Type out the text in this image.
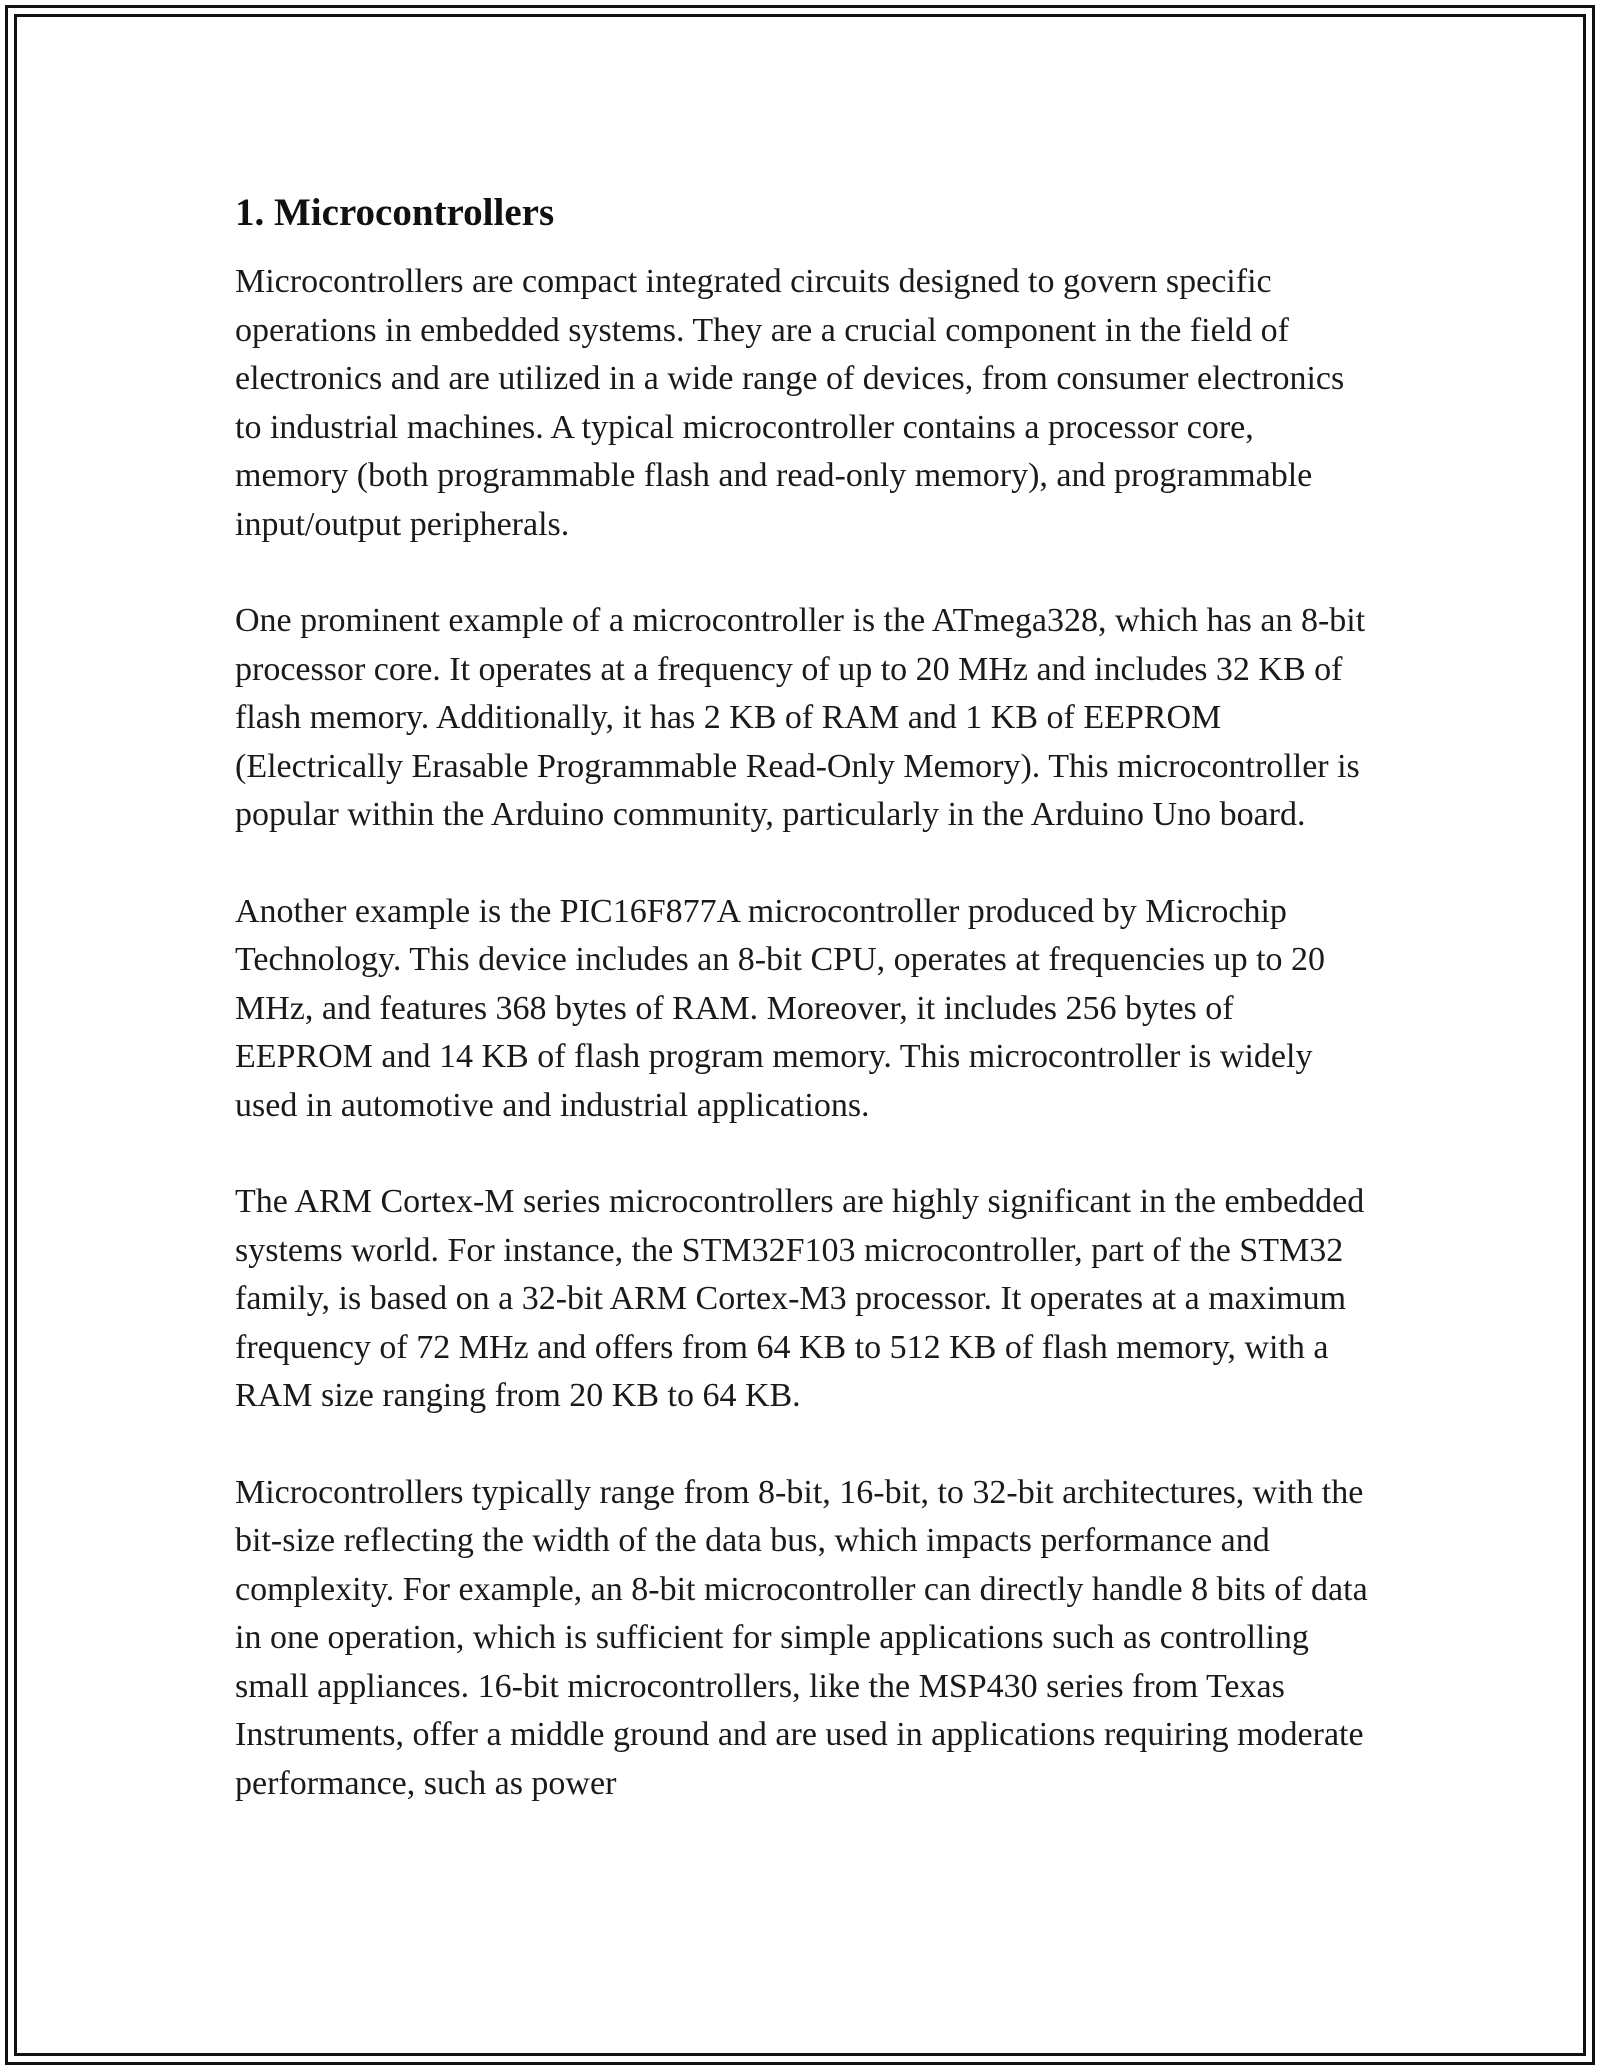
1. Microcontrollers

Microcontrollers are compact integrated circuits designed to govern specific operations in embedded systems. They are a crucial component in the field of electronics and are utilized in a wide range of devices, from consumer electronics to industrial machines. A typical microcontroller contains a processor core, memory (both programmable flash and read-only memory), and programmable input/output peripherals.

One prominent example of a microcontroller is the ATmega328, which has an 8-bit processor core. It operates at a frequency of up to 20 MHz and includes 32 KB of flash memory. Additionally, it has 2 KB of RAM and 1 KB of EEPROM (Electrically Erasable Programmable Read-Only Memory). This microcontroller is popular within the Arduino community, particularly in the Arduino Uno board.

Another example is the PIC16F877A microcontroller produced by Microchip Technology. This device includes an 8-bit CPU, operates at frequencies up to 20 MHz, and features 368 bytes of RAM. Moreover, it includes 256 bytes of EEPROM and 14 KB of flash program memory. This microcontroller is widely used in automotive and industrial applications.

The ARM Cortex-M series microcontrollers are highly significant in the embedded systems world. For instance, the STM32F103 microcontroller, part of the STM32 family, is based on a 32-bit ARM Cortex-M3 processor. It operates at a maximum frequency of 72 MHz and offers from 64 KB to 512 KB of flash memory, with a RAM size ranging from 20 KB to 64 KB.

Microcontrollers typically range from 8-bit, 16-bit, to 32-bit architectures, with the bit-size reflecting the width of the data bus, which impacts performance and complexity. For example, an 8-bit microcontroller can directly handle 8 bits of data in one operation, which is sufficient for simple applications such as controlling small appliances. 16-bit microcontrollers, like the MSP430 series from Texas Instruments, offer a middle ground and are used in applications requiring moderate performance, such as power
